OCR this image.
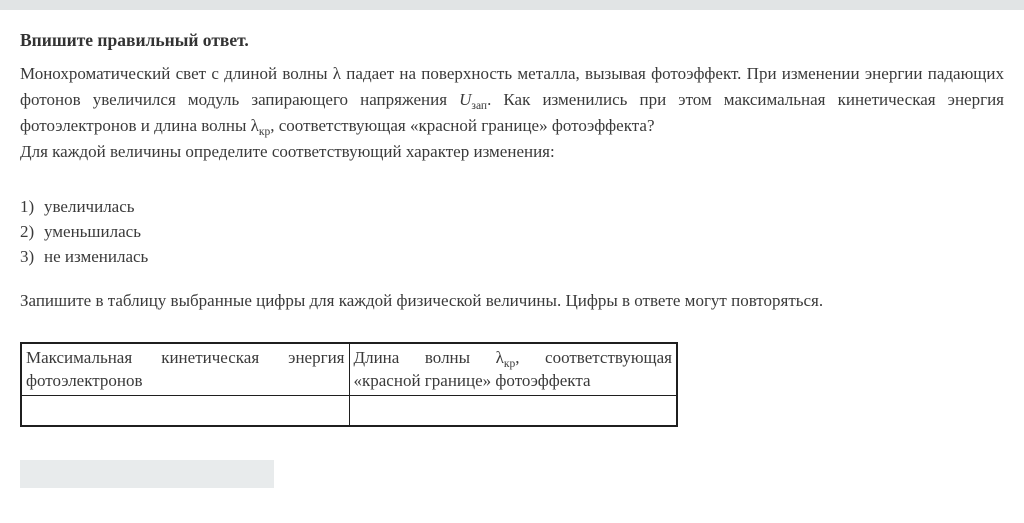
Впишите правильный ответ.
Монохроматический свет с длиной волны λ падает на поверхность металла, вызывая фотоэффект. При изменении энергии падающих фотонов увеличился модуль запирающего напряжения $U_{зап}$. Как изменились при этом максимальная кинетическая энергия фотоэлектронов и длина волны $\lambda_{кр}$, соответствующая «красной границе» фотоэффекта?
Для каждой величины определите соответствующий характер изменения:
1) увеличилась
2) уменьшилась
3) не изменилась
Запишите в таблицу выбранные цифры для каждой физической величины. Цифры в ответе могут повторяться.
Максимальная кинетическая энергия фотоэлектронов	Длина волны $\lambda_{кр}$, соответствующая «красной границе» фотоэффекта
